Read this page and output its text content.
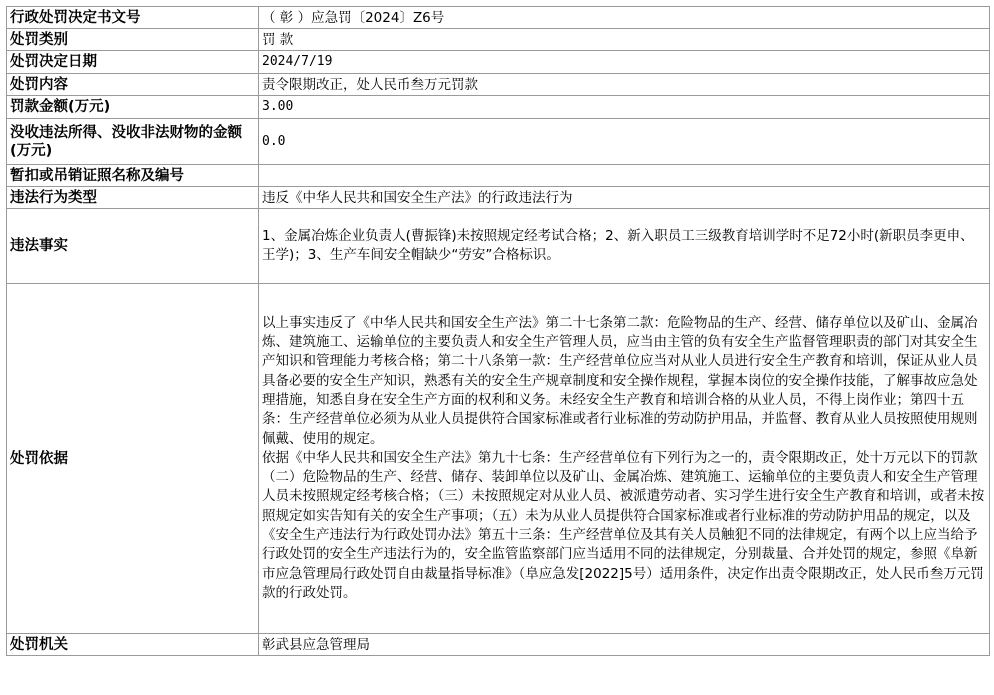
行政处罚决定书文号	（ 彰 ）应急罚〔2024〕Z6号
处罚类别	罚 款
处罚决定日期	2024/7/19
处罚内容	责令限期改正，处人民币叁万元罚款
罚款金额(万元)	3.00
没收违法所得、没收非法财物的金额(万元)	0.0
暂扣或吊销证照名称及编号	
违法行为类型	违反《中华人民共和国安全生产法》的行政违法行为
违法事实	1、金属冶炼企业负责人(曹振锋)未按照规定经考试合格；2、新入职员工三级教育培训学时不足72小时(新职员李更申、王学)；3、生产车间安全帽缺少“劳安”合格标识。
处罚依据	以上事实违反了《中华人民共和国安全生产法》第二十七条第二款：危险物品的生产、经营、储存单位以及矿山、金属冶炼、建筑施工、运输单位的主要负责人和安全生产管理人员，应当由主管的负有安全生产监督管理职责的部门对其安全生产知识和管理能力考核合格；第二十八条第一款：生产经营单位应当对从业人员进行安全生产教育和培训，保证从业人员具备必要的安全生产知识，熟悉有关的安全生产规章制度和安全操作规程，掌握本岗位的安全操作技能，了解事故应急处理措施，知悉自身在安全生产方面的权利和义务。未经安全生产教育和培训合格的从业人员，不得上岗作业；第四十五条：生产经营单位必须为从业人员提供符合国家标准或者行业标准的劳动防护用品，并监督、教育从业人员按照使用规则佩戴、使用的规定。
依据《中华人民共和国安全生产法》第九十七条：生产经营单位有下列行为之一的，责令限期改正，处十万元以下的罚款（二）危险物品的生产、经营、储存、装卸单位以及矿山、金属冶炼、建筑施工、运输单位的主要负责人和安全生产管理人员未按照规定经考核合格；（三）未按照规定对从业人员、被派遣劳动者、实习学生进行安全生产教育和培训，或者未按照规定如实告知有关的安全生产事项；（五）未为从业人员提供符合国家标准或者行业标准的劳动防护用品的规定，以及《安全生产违法行为行政处罚办法》第五十三条：生产经营单位及其有关人员触犯不同的法律规定，有两个以上应当给予行政处罚的安全生产违法行为的，安全监管监察部门应当适用不同的法律规定，分别裁量、合并处罚的规定，参照《阜新市应急管理局行政处罚自由裁量指导标准》（阜应急发[2022]5号）适用条件，决定作出责令限期改正，处人民币叁万元罚款的行政处罚。

处罚机关	彰武县应急管理局
